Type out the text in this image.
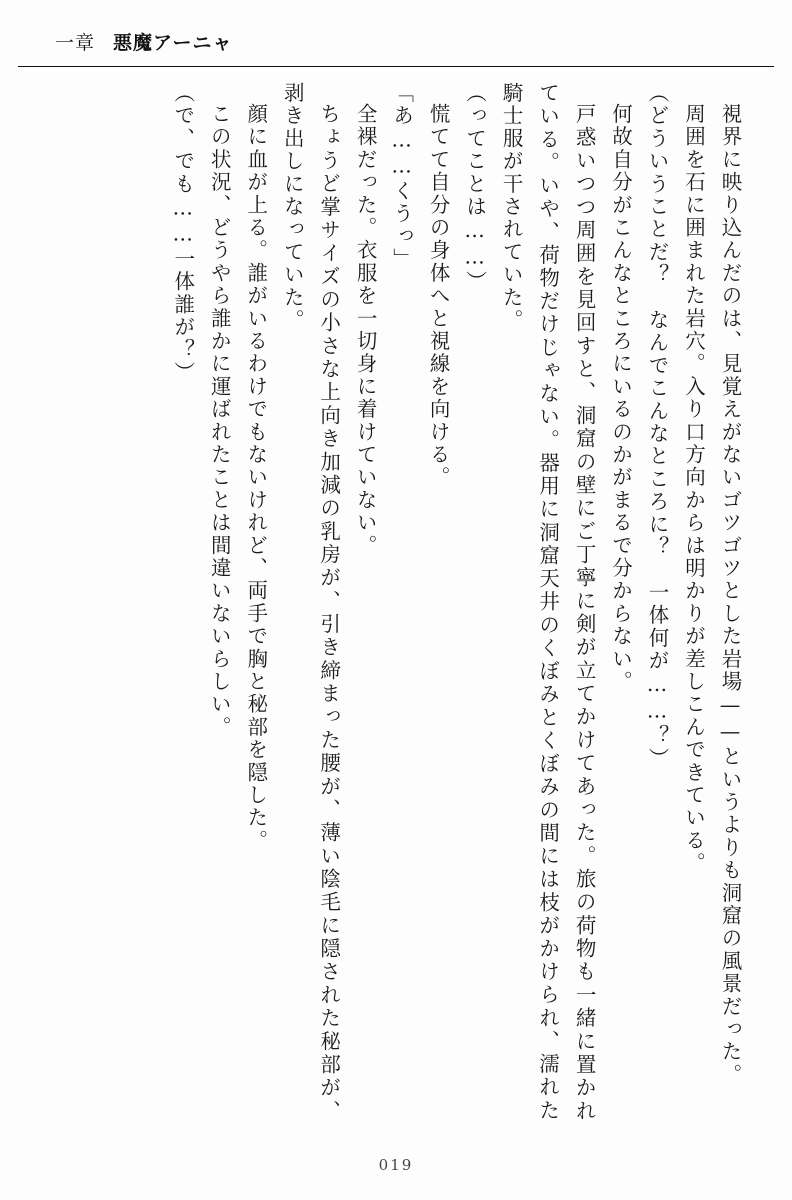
一章 悪魔アーニャ

視界に映り込んだのは、見覚えがないゴツゴツとした岩場——というよりも洞窟の風景だった。

周囲を石に囲まれた岩穴。入り口方向からは明かりが差しこんできている。

（どういうことだ？　なんでこんなところに？　一体何が……？）

何故自分がこんなところにいるのかがまるで分からない。

戸惑いつつ周囲を見回すと、洞窟の壁にご丁寧に剣が立てかけてあった。旅の荷物も一緒に置かれている。いや、荷物だけじゃない。器用に洞窟天井のくぼみとくぼみの間には枝がかけられ、濡れた騎士服が干されていた。

（ってことは……）

慌てて自分の身体へと視線を向ける。

「あ……くうっ」

全裸だった。衣服を一切身に着けていない。

ちょうど掌サイズの小さな上向き加減の乳房が、引き締まった腰が、薄い陰毛に隠された秘部が、剥き出しになっていた。

顔に血が上る。誰がいるわけでもないけれど、両手で胸と秘部を隠した。

この状況、どうやら誰かに運ばれたことは間違いないらしい。

（で、でも……一体誰が？）

019
